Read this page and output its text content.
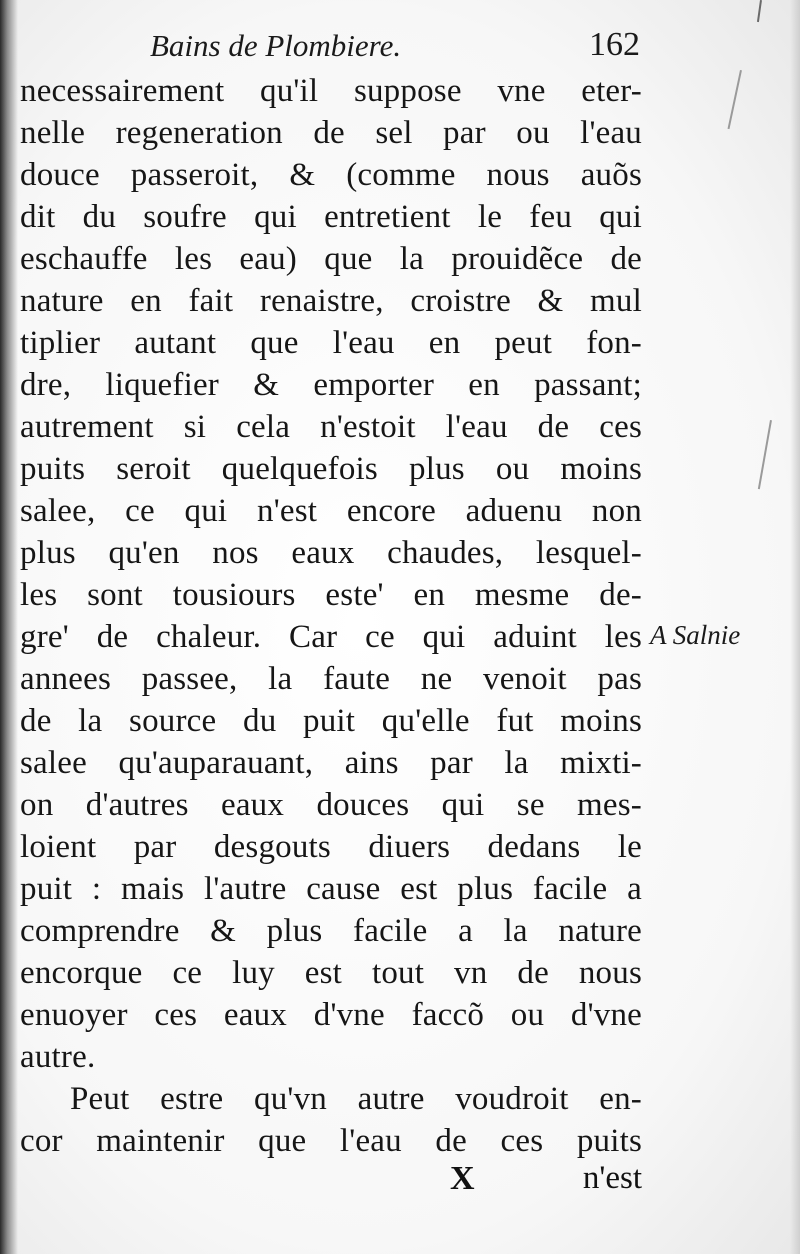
Bains de Plombiere.	162
necessairement qu'il suppose vne eter-
nelle regeneration de sel par ou l'eau
douce passeroit, & (comme nous auõs
dit du soufre qui entretient le feu qui
eschauffe les eau) que la prouidẽce de
nature en fait renaistre, croistre & mul
tiplier autant que l'eau en peut fon-
dre, liquefier & emporter en passant;
autrement si cela n'estoit l'eau de ces
puits seroit quelquefois plus ou moins
salee, ce qui n'est encore aduenu non
plus qu'en nos eaux chaudes, lesquel-
les sont tousiours este' en mesme de-
gre' de chaleur. Car ce qui aduint les
annees passee, la faute ne venoit pas
de la source du puit qu'elle fut moins
salee qu'auparauant, ains par la mixti-
on d'autres eaux douces qui se mes-
loient par desgouts diuers dedans le
puit : mais l'autre cause est plus facile a
comprendre & plus facile a la nature
encorque ce luy est tout vn de nous
enuoyer ces eaux d'vne faccõ ou d'vne
autre.
Peut estre qu'vn autre voudroit en-
cor maintenir que l'eau de ces puits
A Salnie
X	n'est
